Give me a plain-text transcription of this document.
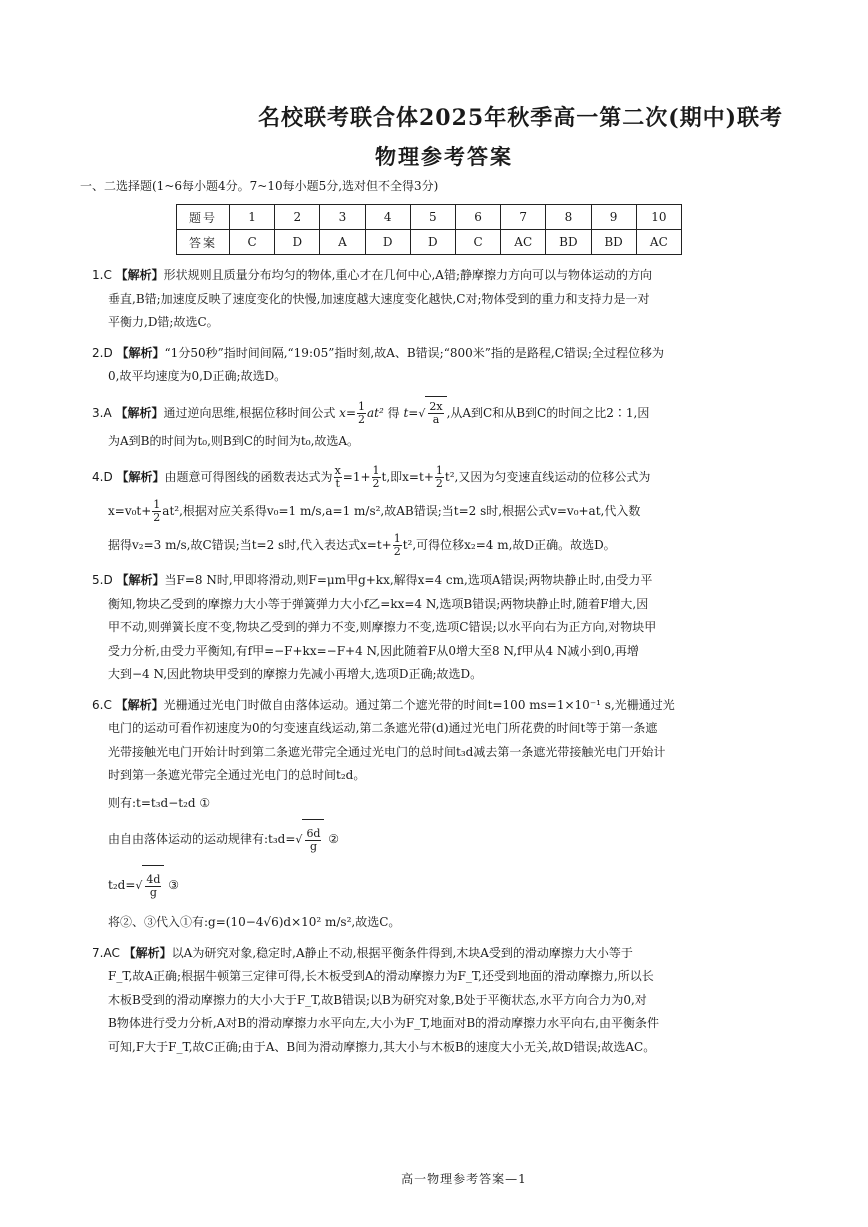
名校联考联合体2025年秋季高一第二次(期中)联考
物理参考答案
一、二选择题(1~6每小题4分。7~10每小题5分,选对但不全得3分)
题号	1	2	3	4	5	6	7	8	9	10
答案	C	D	A	D	D	C	AC	BD	BD	AC
1.C 【解析】形状规则且质量分布均匀的物体,重心才在几何中心,A错;静摩擦力方向可以与物体运动的方向
垂直,B错;加速度反映了速度变化的快慢,加速度越大速度变化越快,C对;物体受到的重力和支持力是一对
平衡力,D错;故选C。
2.D 【解析】“1分50秒”指时间间隔,“19:05”指时刻,故A、B错误;“800米”指的是路程,C错误;全过程位移为
0,故平均速度为0,D正确;故选D。
3.A 【解析】通过逆向思维,根据位移时间公式 $x= \frac{1}{2} at^2$ 得 $t=√ \frac{2x}{a}$ ,从A到C和从B到C的时间之比2∶1,因
为A到B的时间为t₀,则B到C的时间为t₀,故选A。
4.D 【解析】由题意可得图线的函数表达式为 $\frac{x}{t} =1+ \frac{1}{2} t$,即$x=t+ \frac{1}{2} t^2$,又因为匀变速直线运动的位移公式为
$x=v_0t+ \frac{1}{2} at^2$,根据对应关系得v₀=1 m/s,a=1 m/s²,故AB错误;当t=2 s时,根据公式v=v₀+at,代入数
据得v₂=3 m/s,故C错误;当t=2 s时,代入表达式$x=t+ \frac{1}{2} t^2$,可得位移x₂=4 m,故D正确。故选D。
5.D 【解析】当F=8 N时,甲即将滑动,则F=μm甲g+kx,解得x=4 cm,选项A错误;两物块静止时,由受力平
衡知,物块乙受到的摩擦力大小等于弹簧弹力大小f乙=kx=4 N,选项B错误;两物块静止时,随着F增大,因
甲不动,则弹簧长度不变,物块乙受到的弹力不变,则摩擦力不变,选项C错误;以水平向右为正方向,对物块甲
受力分析,由受力平衡知,有f甲=−F+kx=−F+4 N,因此随着F从0增大至8 N,f甲从4 N减小到0,再增
大到−4 N,因此物块甲受到的摩擦力先减小再增大,选项D正确;故选D。
6.C 【解析】光栅通过光电门时做自由落体运动。通过第二个遮光带的时间t=100 ms=1×10⁻¹ s,光栅通过光
电门的运动可看作初速度为0的匀变速直线运动,第二条遮光带(d)通过光电门所花费的时间t等于第一条遮
光带接触光电门开始计时到第二条遮光带完全通过光电门的总时间t₃d减去第一条遮光带接触光电门开始计
时到第一条遮光带完全通过光电门的总时间t₂d。
则有:t=t₃d−t₂d ①
由自由落体运动的运动规律有:t₃d=√ $\frac{6d}{g}$ ②
$t_2d=√ \frac{4d}{g}$ ③
将②、③代入①有:g=(10−4√6)d×10² m/s²,故选C。
7.AC 【解析】以A为研究对象,稳定时,A静止不动,根据平衡条件得到,木块A受到的滑动摩擦力大小等于
F_T,故A正确;根据牛顿第三定律可得,长木板受到A的滑动摩擦力为F_T,还受到地面的滑动摩擦力,所以长
木板B受到的滑动摩擦力的大小大于F_T,故B错误;以B为研究对象,B处于平衡状态,水平方向合力为0,对
B物体进行受力分析,A对B的滑动摩擦力水平向左,大小为F_T,地面对B的滑动摩擦力水平向右,由平衡条件
可知,F大于F_T,故C正确;由于A、B间为滑动摩擦力,其大小与木板B的速度大小无关,故D错误;故选AC。
高一物理参考答案—1
